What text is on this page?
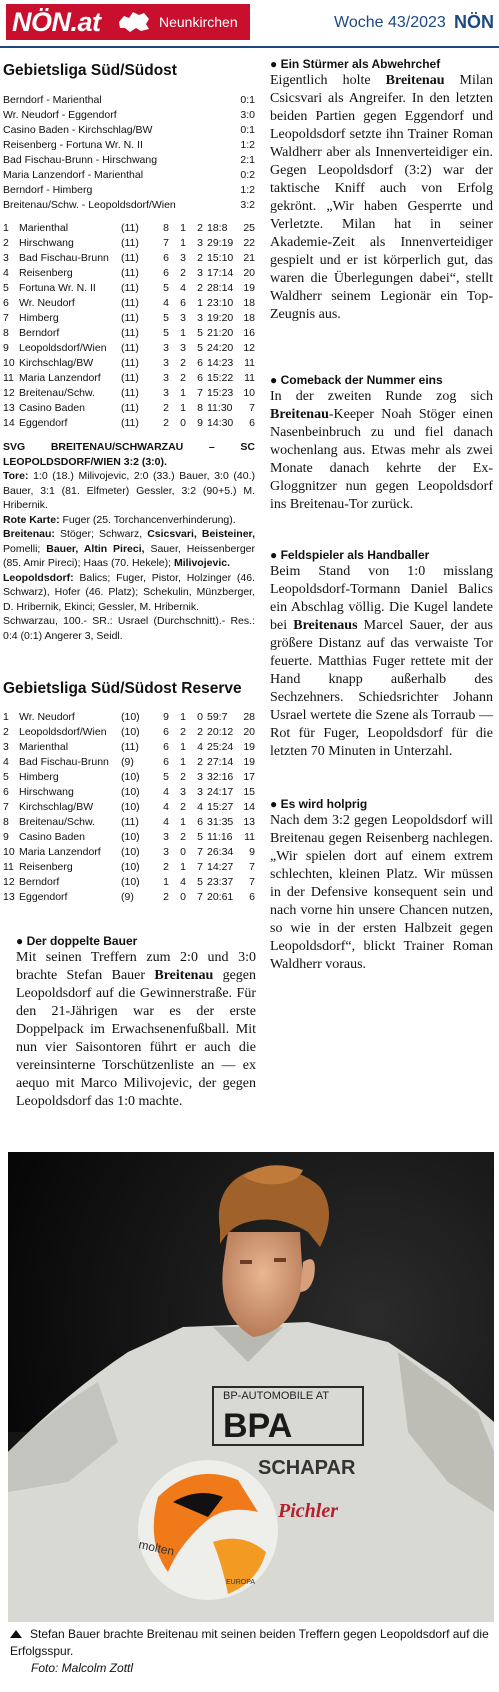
NÖN.at	Neunkirchen	Woche 43/2023 NÖN
Gebietsliga Süd/Südost
Berndorf - Marienthal	0:1
Wr. Neudorf - Eggendorf	3:0
Casino Baden - Kirchschlag/BW	0:1
Reisenberg - Fortuna Wr. N. II	1:2
Bad Fischau-Brunn - Hirschwang	2:1
Maria Lanzendorf - Marienthal	0:2
Berndorf - Himberg	1:2
Breitenau/Schw. - Leopoldsdorf/Wien	3:2
1 Marienthal	(11) 8 1 2 18:8 25
2 Hirschwang	(11) 7 1 3 29:19 22
3 Bad Fischau-Brunn (11) 6 3 2 15:10 21
4 Reisenberg	(11) 6 2 3 17:14 20
5 Fortuna Wr. N. II (11) 5 4 2 28:14 19
6 Wr. Neudorf	(11) 4 6 1 23:10 18
7 Himberg	(11) 5 3 3 19:20 18
8 Berndorf	(11) 5 1 5 21:20 16
9 Leopoldsdorf/Wien (11) 3 3 5 24:20 12
10 Kirchschlag/BW	(11) 3 2 6 14:23 11
11 Maria Lanzendorf (11) 3 2 6 15:22 11
12 Breitenau/Schw. (11) 3 1 7 15:23 10
13 Casino Baden	(11) 2 1 8 11:30 7
14 Eggendorf	(11) 2 0 9 14:30 6

SVG BREITENAU/SCHWARZAU – SC LEOPOLDSDORF/WIEN 3:2 (3:0).

Tore: 1:0 (18.) Milivojevic, 2:0 (33.) Bauer, 3:0 (40.) Bauer, 3:1 (81. Elfmeter) Gessler, 3:2 (90+5.) M. Hribernik.

Rote Karte: Fuger (25. Torchancenverhinderung).

Breitenau: Stöger; Schwarz, Csicsvari, Beisteiner, Pomelli; Bauer, Altin Pireci, Sauer, Heissenberger (85. Amir Pireci); Haas (70. Hekele); Milivojevic.

Leopoldsdorf: Balics; Fuger, Pistor, Holzinger (46. Schwarz), Hofer (46. Platz); Schekulin, Münzberger, D. Hribernik, Ekinci; Gessler, M. Hribernik.

Schwarzau, 100.- SR.: Usrael (Durchschnitt).- Res.: 0:4 (0:1) Angerer 3, Seidl.

Gebietsliga Süd/Südost Reserve
1 Wr. Neudorf	(10) 9 1 0 59:7 28
2 Leopoldsdorf/Wien (10) 6 2 2 20:12 20
3 Marienthal	(11) 6 1 4 25:24 19
4 Bad Fischau-Brunn (9)	6 1 2 27:14 19
5 Himberg	(10) 5 2 3 32:16 17
6 Hirschwang	(10) 4 3 3 24:17 15
7 Kirchschlag/BW	(10) 4 2 4 15:27 14
8 Breitenau/Schw. (11) 4 1 6 31:35 13
9 Casino Baden	(10) 3 2 5 11:16 11
10 Maria Lanzendorf (10) 3 0 7 26:34 9
11 Reisenberg	(10) 2 1 7 14:27 7
12 Berndorf	(10) 1 4 5 23:37 7
13 Eggendorf	(9)	2 0 7 20:61 6
● Ein Stürmer als Abwehrchef

Eigentlich holte Breitenau Milan Csicsvari als Angreifer. In den letzten beiden Partien gegen Eggendorf und Leopoldsdorf setzte ihn Trainer Roman Waldherr aber als Innenverteidiger ein. Gegen Leopoldsdorf (3:2) war der taktische Kniff auch von Erfolg gekrönt. „Wir haben Gesperrte und Verletzte. Milan hat in seiner Akademie-Zeit als Innenverteidiger gespielt und er ist körperlich gut, das waren die Überlegungen dabei“, stellt Waldherr seinem Legionär ein Top-Zeugnis aus.

● Comeback der Nummer eins

In der zweiten Runde zog sich Breitenau-Keeper Noah Stöger einen Nasenbeinbruch zu und fiel danach wochenlang aus. Etwas mehr als zwei Monate danach kehrte der Ex-Gloggnitzer nun gegen Leopoldsdorf ins Breitenau-Tor zurück.

● Feldspieler als Handballer

Beim Stand von 1:0 misslang Leopoldsdorf-Tormann Daniel Balics ein Abschlag völlig. Die Kugel landete bei Breitenaus Marcel Sauer, der aus größere Distanz auf das verwaiste Tor feuerte. Matthias Fuger rettete mit der Hand knapp außerhalb des Sechzehners. Schiedsrichter Johann Usrael wertete die Szene als Torraub — Rot für Fuger, Leopoldsdorf für die letzten 70 Minuten in Unterzahl.

● Es wird holprig

Nach dem 3:2 gegen Leopoldsdorf will Breitenau gegen Reisenberg nachlegen. „Wir spielen dort auf einem extrem schlechten, kleinen Platz. Wir müssen in der Defensive konsequent sein und nach vorne hin unsere Chancen nutzen, so wie in der ersten Halbzeit gegen Leopoldsdorf“, blickt Trainer Roman Waldherr voraus.

● Der doppelte Bauer

Mit seinen Treffern zum 2:0 und 3:0 brachte Stefan Bauer Breitenau gegen Leopoldsdorf auf die Gewinnerstraße. Für den 21-Jährigen war es der erste Doppelpack im Erwachsenenfußball. Mit nun vier Saisontoren führt er auch die vereinsinterne Torschützenliste an — ex aequo mit Marco Milivojevic, der gegen Leopoldsdorf das 1:0 machte.

BP-AUTOMOBILE AT
BPA
SCHAPAR
Pichler
molten
EUROPA
Stefan Bauer brachte Breitenau mit seinen beiden Treffern gegen Leopoldsdorf auf die Erfolgsspur.
Foto: Malcolm Zottl
